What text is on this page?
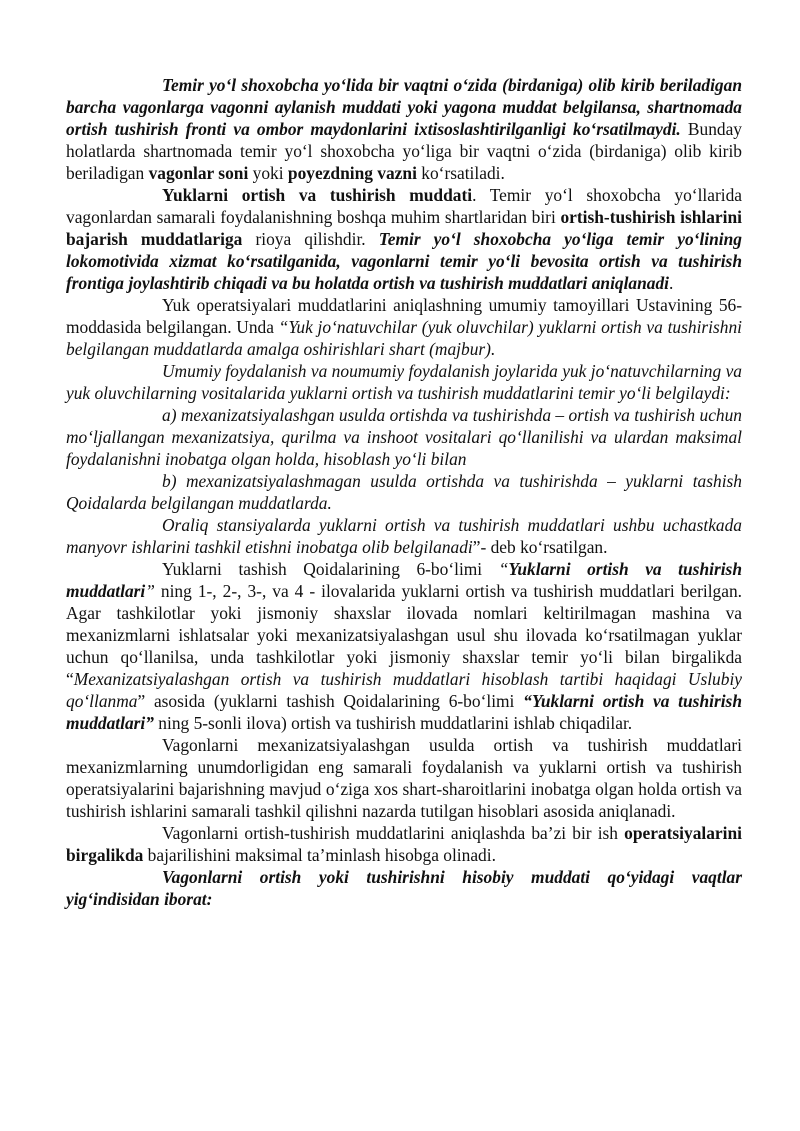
Temir yo‘l shoxobcha yo‘lida bir vaqtni o‘zida (birdaniga) olib kirib beriladigan barcha vagonlarga vagonni aylanish muddati yoki yagona muddat belgilansa, shartnomada ortish tushirish fronti va ombor maydonlarini ixtisoslashtirilganligi ko‘rsatilmaydi. Bunday holatlarda shartnomada temir yo‘l shoxobcha yo‘liga bir vaqtni o‘zida (birdaniga) olib kirib beriladigan vagonlar soni yoki poyezdning vazni ko‘rsatiladi.

Yuklarni ortish va tushirish muddati. Temir yo‘l shoxobcha yo‘llarida vagonlardan samarali foydalanishning boshqa muhim shartlaridan biri ortish-tushirish ishlarini bajarish muddatlariga rioya qilishdir. Temir yo‘l shoxobcha yo‘liga temir yo‘lining lokomotivida xizmat ko‘rsatilganida, vagonlarni temir yo‘li bevosita ortish va tushirish frontiga joylashtirib chiqadi va bu holatda ortish va tushirish muddatlari aniqlanadi.

Yuk operatsiyalari muddatlarini aniqlashning umumiy tamoyillari Ustavining 56-moddasida belgilangan. Unda “Yuk jo‘natuvchilar (yuk oluvchilar) yuklarni ortish va tushirishni belgilangan muddatlarda amalga oshirishlari shart (majbur).

Umumiy foydalanish va noumumiy foydalanish joylarida yuk jo‘natuvchilarning va yuk oluvchilarning vositalarida yuklarni ortish va tushirish muddatlarini temir yo‘li belgilaydi:

a) mexanizatsiyalashgan usulda ortishda va tushirishda – ortish va tushirish uchun mo‘ljallangan mexanizatsiya, qurilma va inshoot vositalari qo‘llanilishi va ulardan maksimal foydalanishni inobatga olgan holda, hisoblash yo‘li bilan

b) mexanizatsiyalashmagan usulda ortishda va tushirishda – yuklarni tashish Qoidalarda belgilangan muddatlarda.

Oraliq stansiyalarda yuklarni ortish va tushirish muddatlari ushbu uchastkada manyovr ishlarini tashkil etishni inobatga olib belgilanadi”- deb ko‘rsatilgan.

Yuklarni tashish Qoidalarining 6-bo‘limi “Yuklarni ortish va tushirish muddatlari” ning 1-, 2-, 3-, va 4 - ilovalarida yuklarni ortish va tushirish muddatlari berilgan. Agar tashkilotlar yoki jismoniy shaxslar ilovada nomlari keltirilmagan mashina va mexanizmlarni ishlatsalar yoki mexanizatsiyalashgan usul shu ilovada ko‘rsatilmagan yuklar uchun qo‘llanilsa, unda tashkilotlar yoki jismoniy shaxslar temir yo‘li bilan birgalikda “Mexanizatsiyalashgan ortish va tushirish muddatlari hisoblash tartibi haqidagi Uslubiy qo‘llanma” asosida (yuklarni tashish Qoidalarining 6-bo‘limi “Yuklarni ortish va tushirish muddatlari” ning 5-sonli ilova) ortish va tushirish muddatlarini ishlab chiqadilar.

Vagonlarni mexanizatsiyalashgan usulda ortish va tushirish muddatlari mexanizmlarning unumdorligidan eng samarali foydalanish va yuklarni ortish va tushirish operatsiyalarini bajarishning mavjud o‘ziga xos shart-sharoitlarini inobatga olgan holda ortish va tushirish ishlarini samarali tashkil qilishni nazarda tutilgan hisoblari asosida aniqlanadi.

Vagonlarni ortish-tushirish muddatlarini aniqlashda ba’zi bir ish operatsiyalarini birgalikda bajarilishini maksimal ta’minlash hisobga olinadi.

Vagonlarni ortish yoki tushirishni hisobiy muddati qo‘yidagi vaqtlar yig‘indisidan iborat:
